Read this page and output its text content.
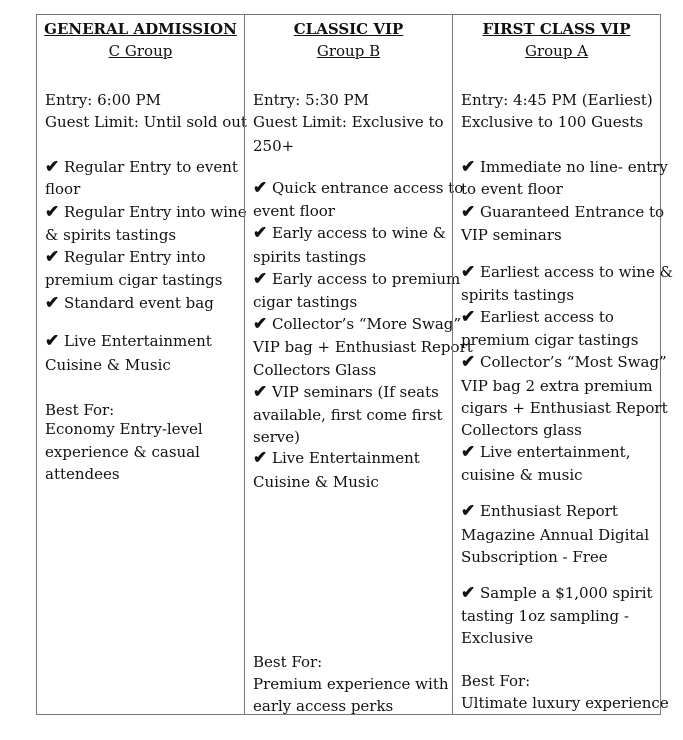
GENERAL ADMISSION
C Group
Entry: 6:00 PM
Guest Limit: Until sold out
✔ Regular Entry to event
floor
✔ Regular Entry into wine
& spirits tastings
✔ Regular Entry into
premium cigar tastings
✔ Standard event bag
✔ Live Entertainment
Cuisine & Music
Best For:
Economy Entry-level
experience & casual
attendees
CLASSIC VIP
Group B
Entry: 5:30 PM
Guest Limit: Exclusive to
250+
✔ Quick entrance access to
event floor
✔ Early access to wine &
spirits tastings
✔ Early access to premium
cigar tastings
✔ Collector’s “More Swag”
VIP bag + Enthusiast Report
Collectors Glass
✔ VIP seminars (If seats
available, first come first
serve)
✔ Live Entertainment
Cuisine & Music
Best For:
Premium experience with
early access perks
FIRST CLASS VIP
Group A
Entry: 4:45 PM (Earliest)
Exclusive to 100 Guests
✔ Immediate no line- entry
to event floor
✔ Guaranteed Entrance to
VIP seminars
✔ Earliest access to wine &
spirits tastings
✔ Earliest access to
premium cigar tastings
✔ Collector’s “Most Swag”
VIP bag 2 extra premium
cigars + Enthusiast Report
Collectors glass
✔ Live entertainment,
cuisine & music
✔ Enthusiast Report
Magazine Annual Digital
Subscription - Free
✔ Sample a $1,000 spirit
tasting 1oz sampling -
Exclusive
Best For:
Ultimate luxury experience
